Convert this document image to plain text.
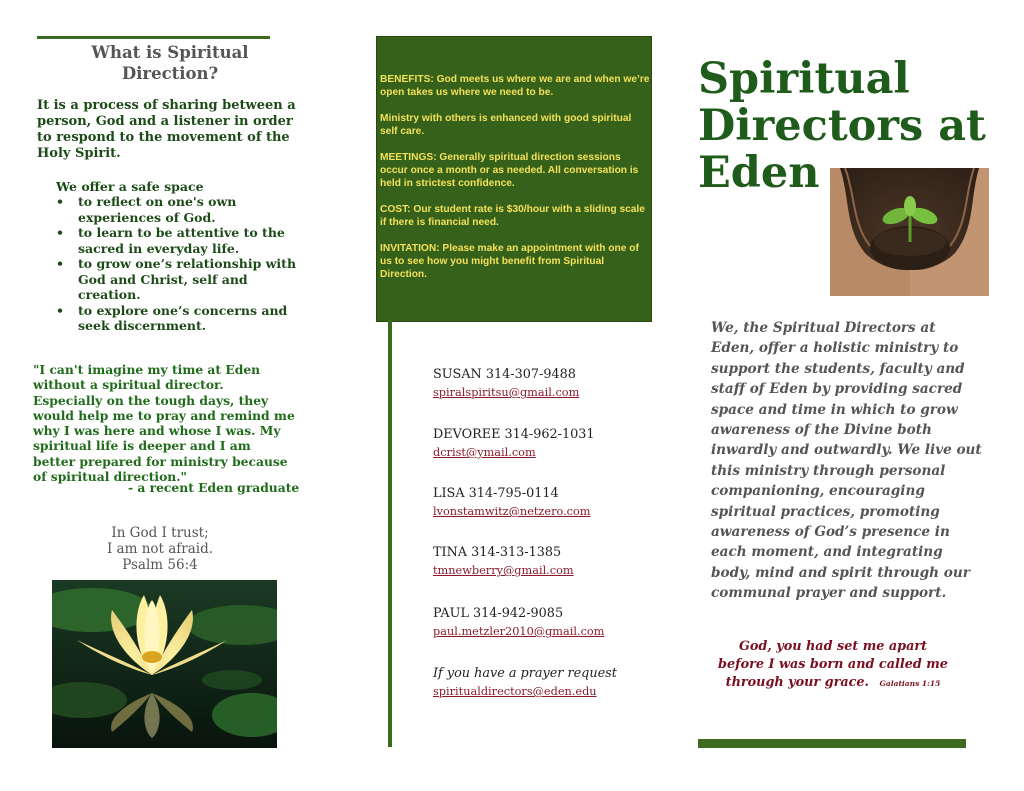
What is Spiritual
Direction?
It is a process of sharing between a person, God and a listener in order to respond to the movement of the Holy Spirit.
We offer a safe space
• to reflect on one's own experiences of God.
• to learn to be attentive to the sacred in everyday life.
• to grow one’s relationship with God and Christ, self and creation.
• to explore one’s concerns and seek discernment.
"I can't imagine my time at Eden without a spiritual director. Especially on the tough days, they would help me to pray and remind me why I was here and whose I was. My spiritual life is deeper and I am better prepared for ministry because of spiritual direction."
- a recent Eden graduate
In God I trust;
I am not afraid.
Psalm 56:4

BENEFITS: God meets us where we are and when we’re open takes us where we need to be.

Ministry with others is enhanced with good spiritual self care.

MEETINGS: Generally spiritual direction sessions occur once a month or as needed. All conversation is held in strictest confidence.

COST: Our student rate is $30/hour with a sliding scale if there is financial need.

INVITATION: Please make an appointment with one of us to see how you might benefit from Spiritual Direction.

SUSAN 314-307-9488
spiralspiritsu@gmail.com
DEVOREE 314-962-1031
dcrist@ymail.com
LISA 314-795-0114
lvonstamwitz@netzero.com
TINA 314-313-1385
tmnewberry@gmail.com
PAUL 314-942-9085
paul.metzler2010@gmail.com
If you have a prayer request
spiritualdirectors@eden.edu
Spiritual
Directors at
Eden
We, the Spiritual Directors at Eden, offer a holistic ministry to support the students, faculty and staff of Eden by providing sacred space and time in which to grow awareness of the Divine both inwardly and outwardly. We live out this ministry through personal companioning, encouraging spiritual practices, promoting awareness of God’s presence in each moment, and integrating body, mind and spirit through our communal prayer and support.
God, you had set me apart before I was born and called me through your grace. Galatians 1:15
